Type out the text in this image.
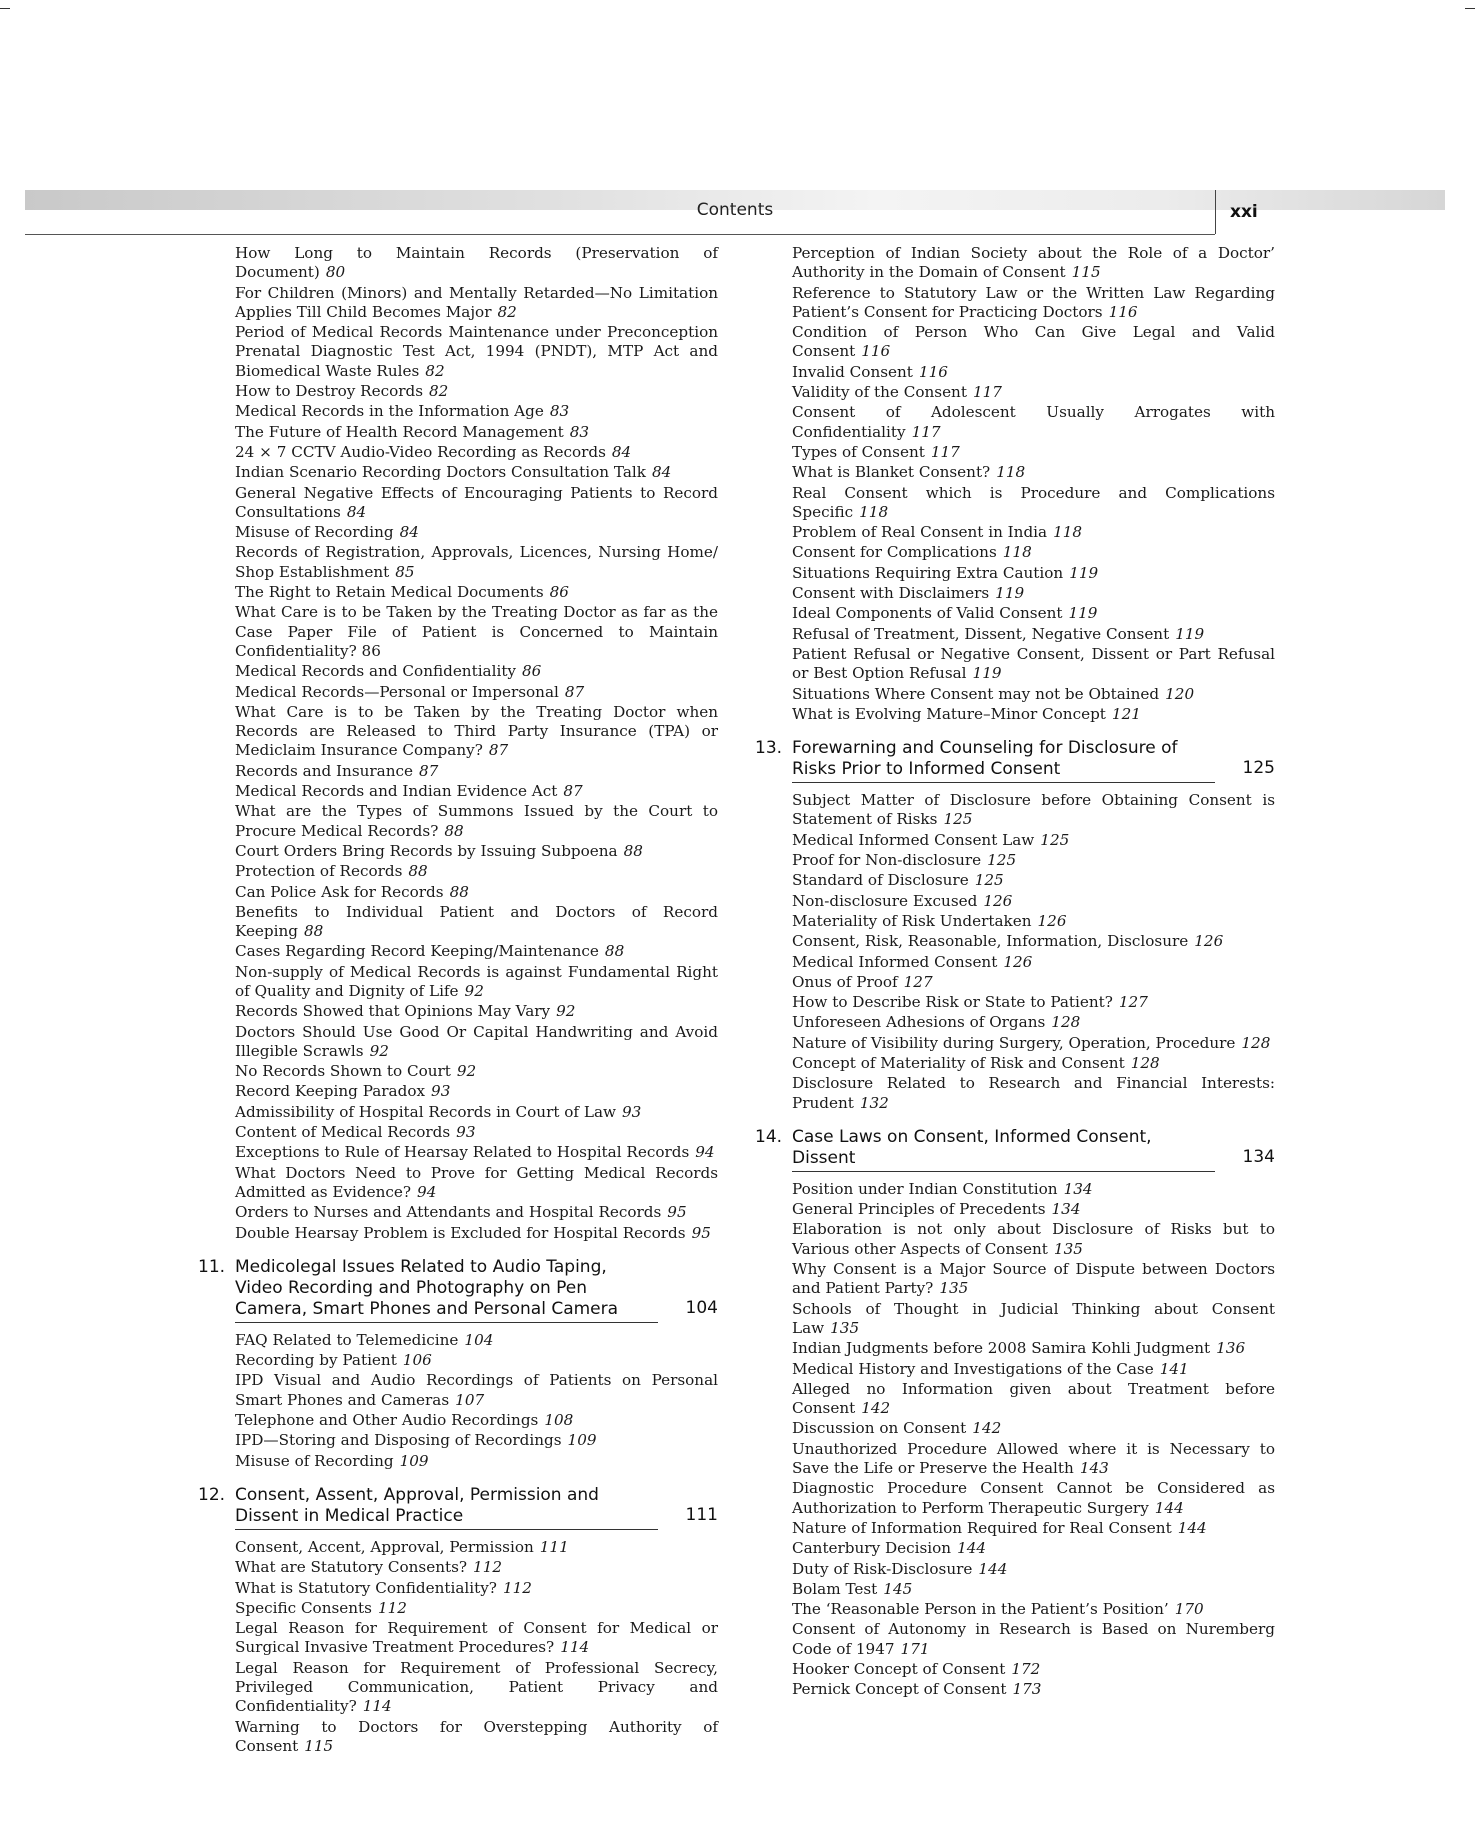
Contents	xxi
How Long to Maintain Records (Preservation of Document) 80
For Children (Minors) and Mentally Retarded—No Limitation Applies Till Child Becomes Major 82
Period of Medical Records Maintenance under Preconception Prenatal Diagnostic Test Act, 1994 (PNDT), MTP Act and Biomedical Waste Rules 82
How to Destroy Records 82
Medical Records in the Information Age 83
The Future of Health Record Management 83
24 × 7 CCTV Audio-Video Recording as Records 84
Indian Scenario Recording Doctors Consultation Talk 84
General Negative Effects of Encouraging Patients to Record Consultations 84
Misuse of Recording 84
Records of Registration, Approvals, Licences, Nursing Home/ Shop Establishment 85
The Right to Retain Medical Documents 86
What Care is to be Taken by the Treating Doctor as far as the Case Paper File of Patient is Concerned to Maintain Confidentiality? 86
Medical Records and Confidentiality 86
Medical Records—Personal or Impersonal 87
What Care is to be Taken by the Treating Doctor when Records are Released to Third Party Insurance (TPA) or Mediclaim Insurance Company? 87
Records and Insurance 87
Medical Records and Indian Evidence Act 87
What are the Types of Summons Issued by the Court to Procure Medical Records? 88
Court Orders Bring Records by Issuing Subpoena 88
Protection of Records 88
Can Police Ask for Records 88
Benefits to Individual Patient and Doctors of Record Keeping 88
Cases Regarding Record Keeping/Maintenance 88
Non-supply of Medical Records is against Fundamental Right of Quality and Dignity of Life 92
Records Showed that Opinions May Vary 92
Doctors Should Use Good Or Capital Handwriting and Avoid Illegible Scrawls 92
No Records Shown to Court 92
Record Keeping Paradox 93
Admissibility of Hospital Records in Court of Law 93
Content of Medical Records 93
Exceptions to Rule of Hearsay Related to Hospital Records 94
What Doctors Need to Prove for Getting Medical Records Admitted as Evidence? 94
Orders to Nurses and Attendants and Hospital Records 95
Double Hearsay Problem is Excluded for Hospital Records 95
11. Medicolegal Issues Related to Audio Taping, Video Recording and Photography on Pen Camera, Smart Phones and Personal Camera	104
FAQ Related to Telemedicine 104
Recording by Patient 106
IPD Visual and Audio Recordings of Patients on Personal Smart Phones and Cameras 107
Telephone and Other Audio Recordings 108
IPD—Storing and Disposing of Recordings 109
Misuse of Recording 109
12. Consent, Assent, Approval, Permission and Dissent in Medical Practice	111
Consent, Accent, Approval, Permission 111
What are Statutory Consents? 112
What is Statutory Confidentiality? 112
Specific Consents 112
Legal Reason for Requirement of Consent for Medical or Surgical Invasive Treatment Procedures? 114
Legal Reason for Requirement of Professional Secrecy, Privileged Communication, Patient Privacy and Confidentiality? 114
Warning to Doctors for Overstepping Authority of Consent 115
Perception of Indian Society about the Role of a Doctor’ Authority in the Domain of Consent 115
Reference to Statutory Law or the Written Law Regarding Patient’s Consent for Practicing Doctors 116
Condition of Person Who Can Give Legal and Valid Consent 116
Invalid Consent 116
Validity of the Consent 117
Consent of Adolescent Usually Arrogates with Confidentiality 117
Types of Consent 117
What is Blanket Consent? 118
Real Consent which is Procedure and Complications Specific 118
Problem of Real Consent in India 118
Consent for Complications 118
Situations Requiring Extra Caution 119
Consent with Disclaimers 119
Ideal Components of Valid Consent 119
Refusal of Treatment, Dissent, Negative Consent 119
Patient Refusal or Negative Consent, Dissent or Part Refusal or Best Option Refusal 119
Situations Where Consent may not be Obtained 120
What is Evolving Mature–Minor Concept 121
13. Forewarning and Counseling for Disclosure of Risks Prior to Informed Consent	125
Subject Matter of Disclosure before Obtaining Consent is Statement of Risks 125
Medical Informed Consent Law 125
Proof for Non-disclosure 125
Standard of Disclosure 125
Non-disclosure Excused 126
Materiality of Risk Undertaken 126
Consent, Risk, Reasonable, Information, Disclosure 126
Medical Informed Consent 126
Onus of Proof 127
How to Describe Risk or State to Patient? 127
Unforeseen Adhesions of Organs 128
Nature of Visibility during Surgery, Operation, Procedure 128
Concept of Materiality of Risk and Consent 128
Disclosure Related to Research and Financial Interests: Prudent 132
14. Case Laws on Consent, Informed Consent, Dissent	134
Position under Indian Constitution 134
General Principles of Precedents 134
Elaboration is not only about Disclosure of Risks but to Various other Aspects of Consent 135
Why Consent is a Major Source of Dispute between Doctors and Patient Party? 135
Schools of Thought in Judicial Thinking about Consent Law 135
Indian Judgments before 2008 Samira Kohli Judgment 136
Medical History and Investigations of the Case 141
Alleged no Information given about Treatment before Consent 142
Discussion on Consent 142
Unauthorized Procedure Allowed where it is Necessary to Save the Life or Preserve the Health 143
Diagnostic Procedure Consent Cannot be Considered as Authorization to Perform Therapeutic Surgery 144
Nature of Information Required for Real Consent 144
Canterbury Decision 144
Duty of Risk-Disclosure 144
Bolam Test 145
The ‘Reasonable Person in the Patient’s Position’ 170
Consent of Autonomy in Research is Based on Nuremberg Code of 1947 171
Hooker Concept of Consent 172
Pernick Concept of Consent 173
